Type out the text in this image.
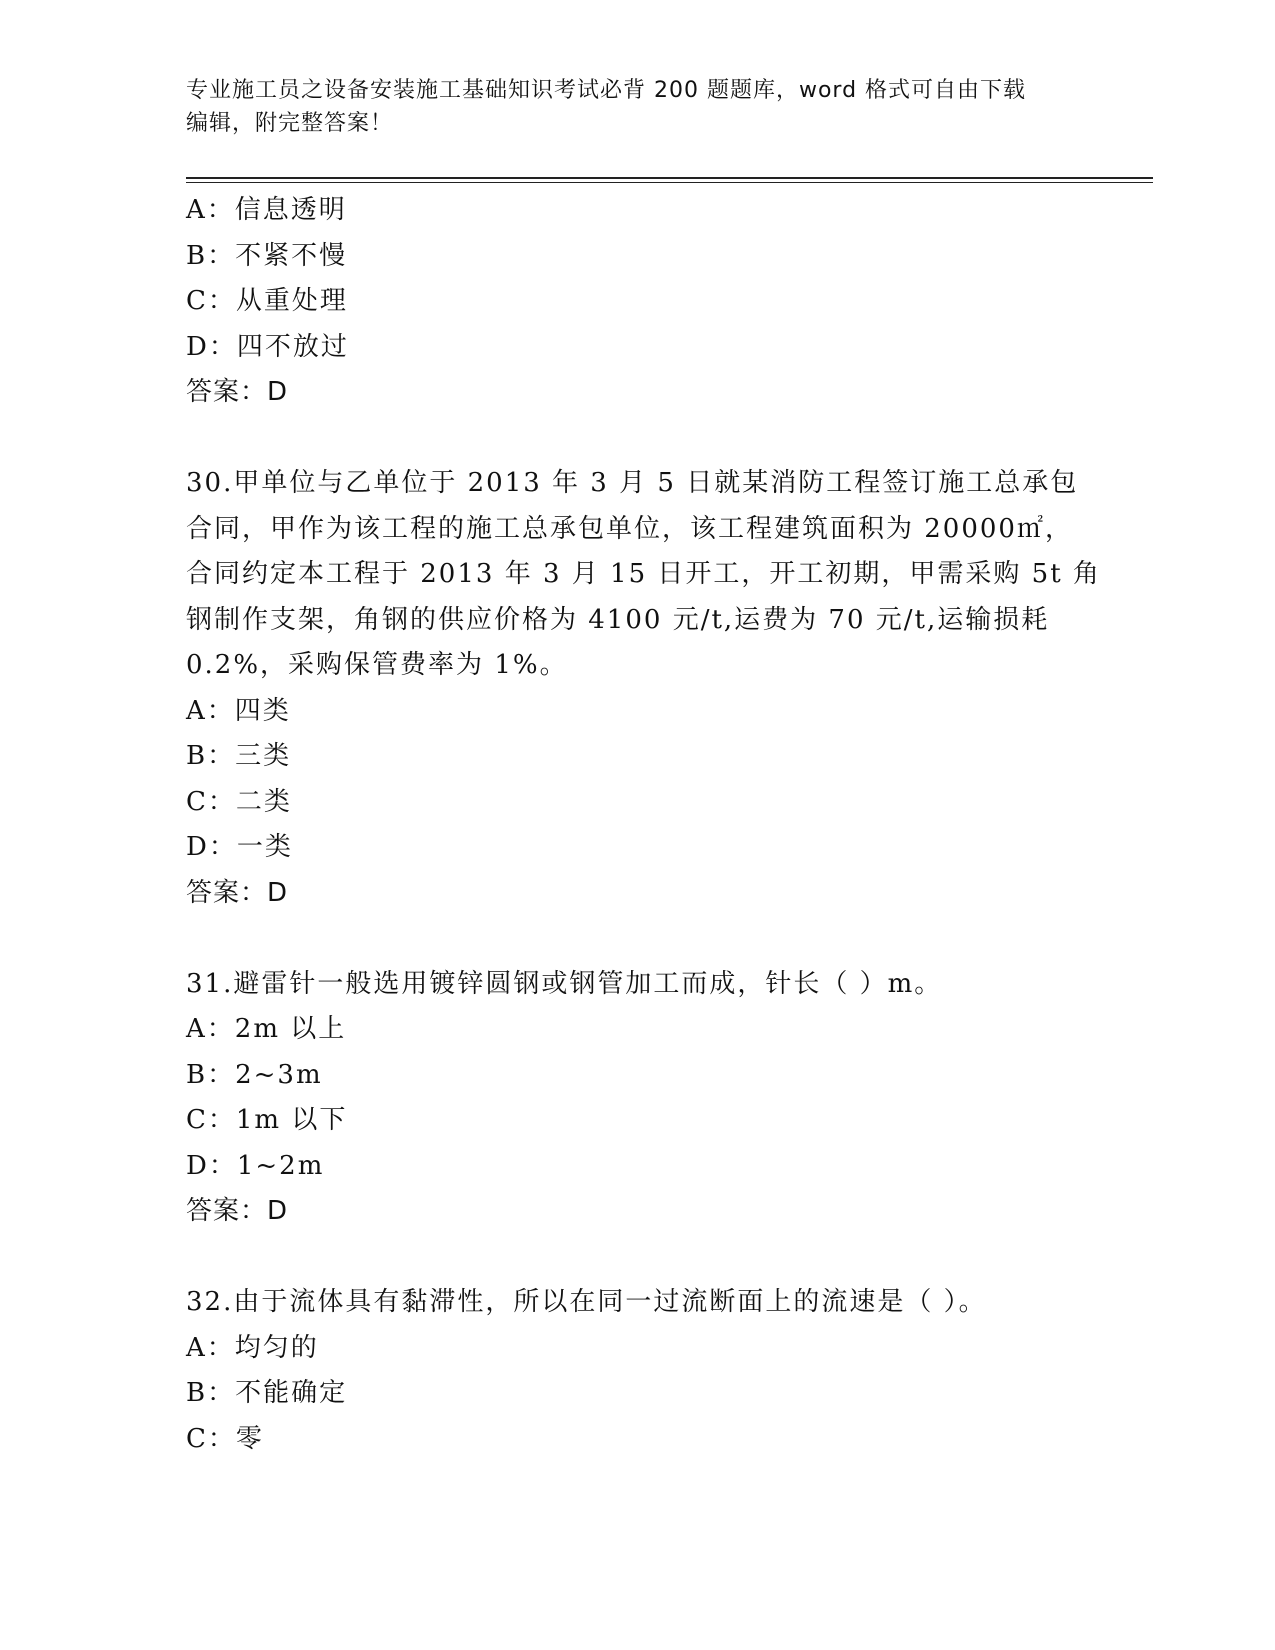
专业施工员之设备安装施工基础知识考试必背 200 题题库，word 格式可自由下载
编辑，附完整答案！
A：信息透明
B：不紧不慢
C：从重处理
D：四不放过
答案：D
30.甲单位与乙单位于 2013 年 3 月 5 日就某消防工程签订施工总承包
合同，甲作为该工程的施工总承包单位，该工程建筑面积为 20000㎡，
合同约定本工程于 2013 年 3 月 15 日开工，开工初期，甲需采购 5t 角
钢制作支架，角钢的供应价格为 4100 元/t,运费为 70 元/t,运输损耗
0.2%，采购保管费率为 1%。
A：四类
B：三类
C：二类
D：一类
答案：D
31.避雷针一般选用镀锌圆钢或钢管加工而成，针长（ ）m。
A：2m 以上
B：2~3m
C：1m 以下
D：1~2m
答案：D
32.由于流体具有黏滞性，所以在同一过流断面上的流速是（ ）。
A：均匀的
B：不能确定
C：零
